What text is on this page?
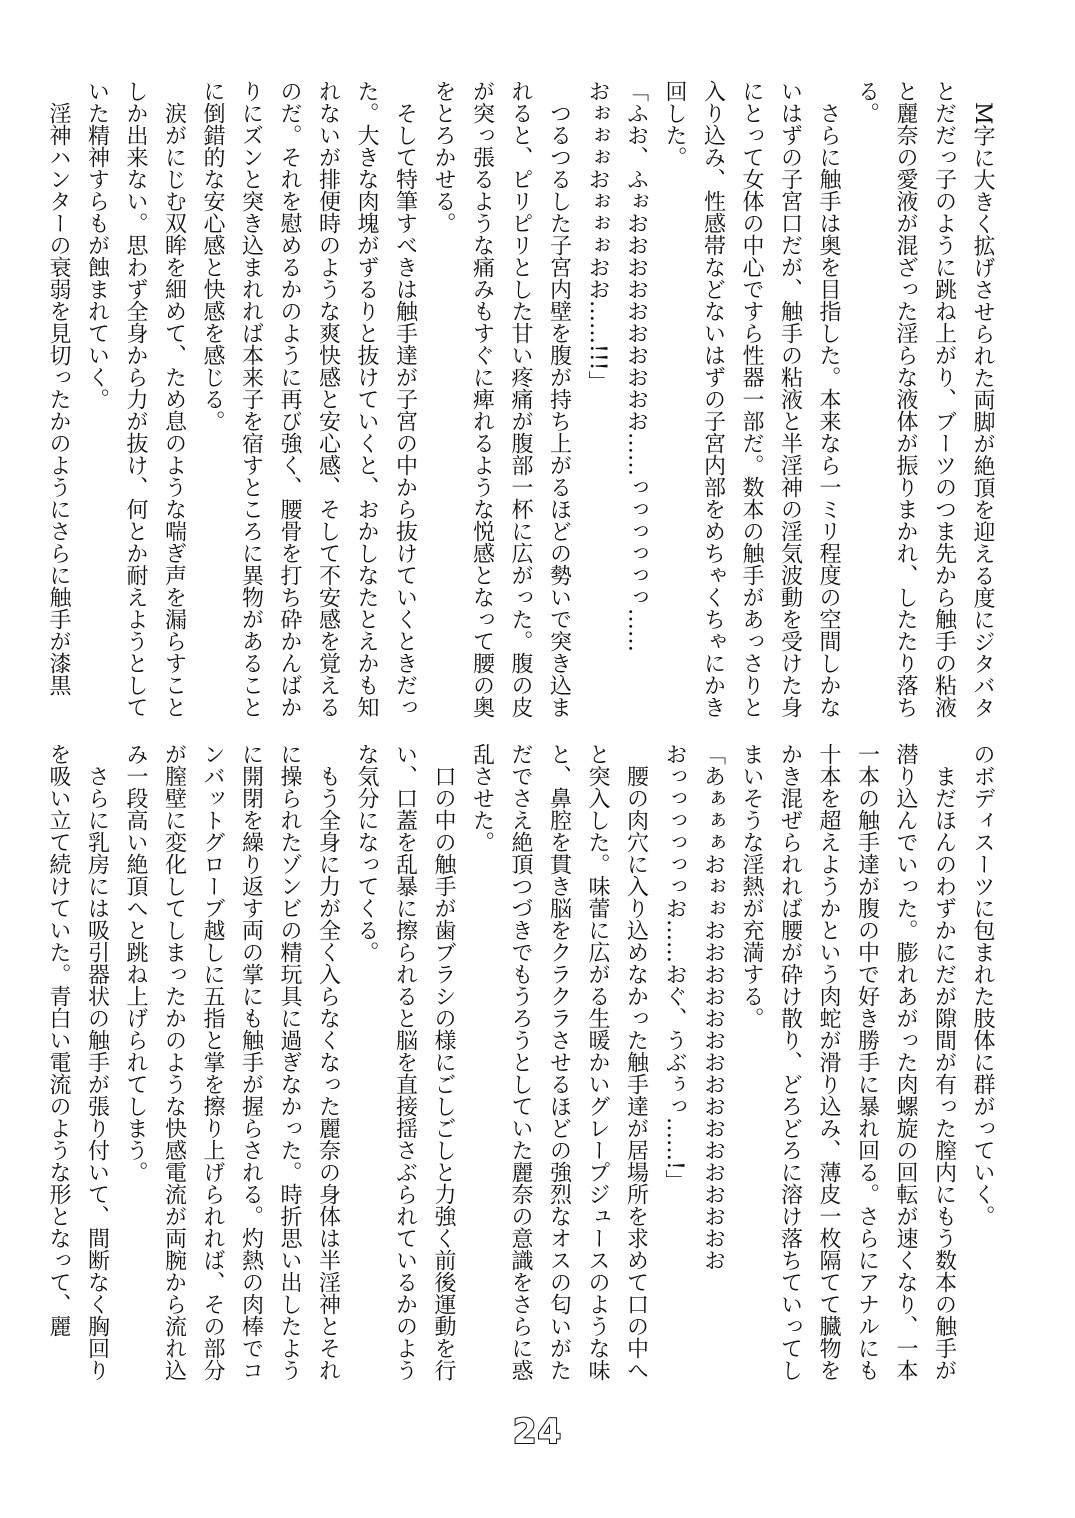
M字に大きく拡げさせられた両脚が絶頂を迎える度にジタバタとだだっ子のように跳ね上がり、ブーツのつま先から触手の粘液と麗奈の愛液が混ざった淫らな液体が振りまかれ、したたり落ちる。

さらに触手は奥を目指した。本来なら一ミリ程度の空間しかないはずの子宮口だが、触手の粘液と半淫神の淫気波動を受けた身にとって女体の中心ですら性器一部だ。数本の触手があっさりと入り込み、性感帯などないはずの子宮内部をめちゃくちゃにかき回した。

「ふお、ふぉおおおおおおおおおお……っっっっっっ……
おぉぉぉおぉぉぉおお……!!!」

つるつるした子宮内壁を腹が持ち上がるほどの勢いで突き込まれると、ピリピリとした甘い疼痛が腹部一杯に広がった。腹の皮が突っ張るような痛みもすぐに痺れるような悦感となって腰の奥をとろかせる。

そして特筆すべきは触手達が子宮の中から抜けていくときだった。大きな肉塊がずるりと抜けていくと、おかしなたとえかも知れないが排便時のような爽快感と安心感、そして不安感を覚えるのだ。それを慰めるかのように再び強く、腰骨を打ち砕かんばかりにズンと突き込まれれば本来子を宿すところに異物があることに倒錯的な安心感と快感を感じる。

涙がにじむ双眸を細めて、ため息のような喘ぎ声を漏らすことしか出来ない。思わず全身から力が抜け、何とか耐えようとしていた精神すらもが蝕まれていく。

淫神ハンターの衰弱を見切ったかのようにさらに触手が漆黒

のボディスーツに包まれた肢体に群がっていく。

まだほんのわずかにだが隙間が有った膣内にもう数本の触手が潜り込んでいった。膨れあがった肉螺旋の回転が速くなり、一本一本の触手達が腹の中で好き勝手に暴れ回る。さらにアナルにも十本を超えようかという肉蛇が滑り込み、薄皮一枚隔てて臓物をかき混ぜられれば腰が砕け散り、どろどろに溶け落ちていってしまいそうな淫熱が充満する。

「あぁぁぁおぉぉおおおおおおおおおおおおおおおお
おっっっっっっお……おぐ、うぶぅっ……!」

腰の肉穴に入り込めなかった触手達が居場所を求めて口の中へと突入した。味蕾に広がる生暖かいグレープジュースのような味と、鼻腔を貫き脳をクラクラさせるほどの強烈なオスの匂いがただでさえ絶頂つづきでもうろうとしていた麗奈の意識をさらに惑乱させた。

口の中の触手が歯ブラシの様にごしごしと力強く前後運動を行い、口蓋を乱暴に擦られると脳を直接揺さぶられているかのような気分になってくる。

もう全身に力が全く入らなくなった麗奈の身体は半淫神とそれに操られたゾンビの精玩具に過ぎなかった。時折思い出したように開閉を繰り返す両の掌にも触手が握らされる。灼熱の肉棒でコンバットグローブ越しに五指と掌を擦り上げられれば、その部分が膣壁に変化してしまったかのような快感電流が両腕から流れ込み一段高い絶頂へと跳ね上げられてしまう。

さらに乳房には吸引器状の触手が張り付いて、間断なく胸回りを吸い立て続けていた。青白い電流のような形となって、麗

24
